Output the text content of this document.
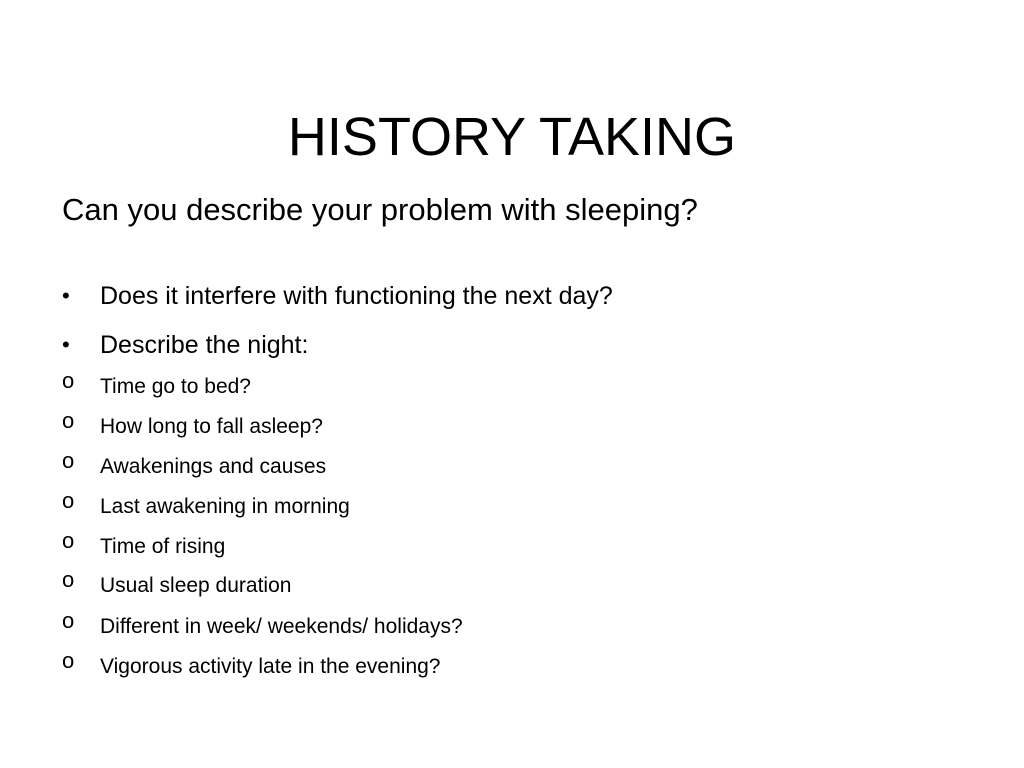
HISTORY TAKING
Can you describe your problem with sleeping?
• Does it interfere with functioning the next day?
• Describe the night:
o Time go to bed?
o How long to fall asleep?
o Awakenings and causes
o Last awakening in morning
o Time of rising
o Usual sleep duration
o Different in week/ weekends/ holidays?
o Vigorous activity late in the evening?
